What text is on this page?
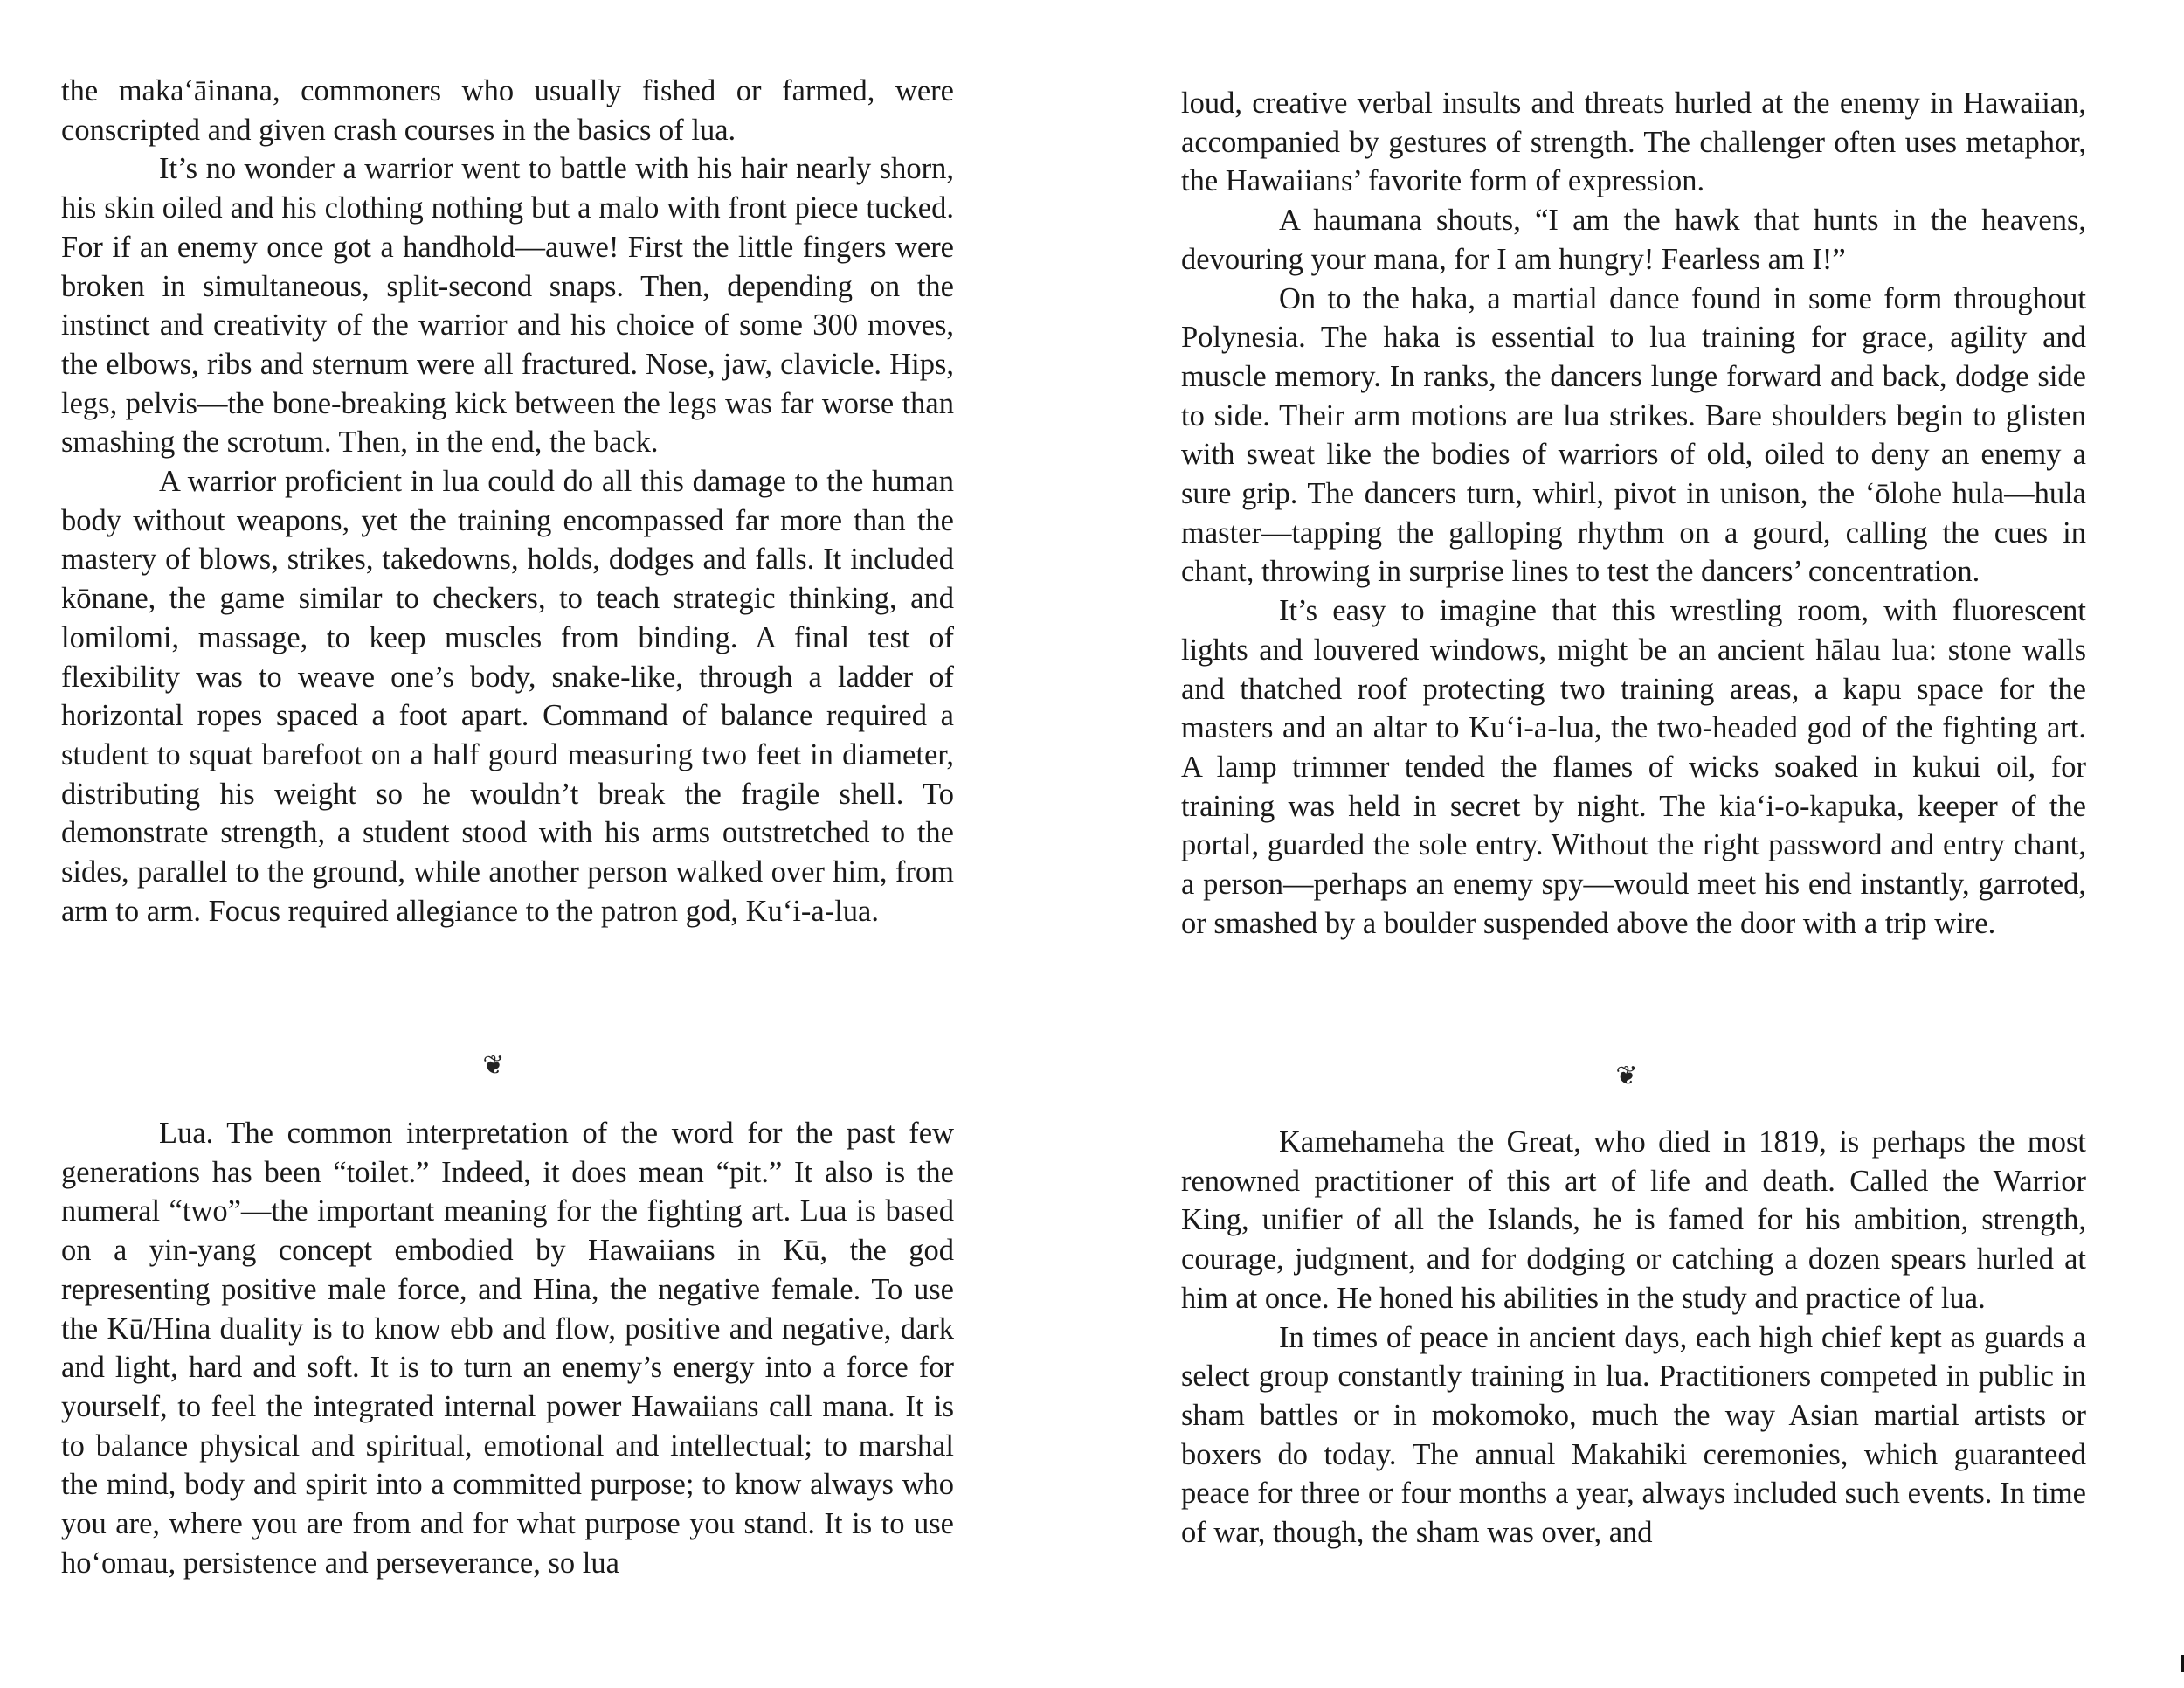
the maka‘āinana, commoners who usually fished or farmed, were conscripted and given crash courses in the basics of lua.

It’s no wonder a warrior went to battle with his hair nearly shorn, his skin oiled and his clothing nothing but a malo with front piece tucked. For if an enemy once got a handhold—auwe! First the little fingers were broken in simultaneous, split-second snaps. Then, depending on the instinct and creativity of the warrior and his choice of some 300 moves, the elbows, ribs and sternum were all fractured. Nose, jaw, clavicle. Hips, legs, pelvis—the bone-breaking kick between the legs was far worse than smashing the scrotum. Then, in the end, the back.

A warrior proficient in lua could do all this damage to the human body without weapons, yet the training encompassed far more than the mastery of blows, strikes, takedowns, holds, dodges and falls. It included kōnane, the game similar to checkers, to teach strategic thinking, and lomilomi, massage, to keep muscles from binding. A final test of flexibility was to weave one’s body, snake-like, through a ladder of horizontal ropes spaced a foot apart. Command of balance required a student to squat barefoot on a half gourd measuring two feet in diameter, distributing his weight so he wouldn’t break the fragile shell. To demonstrate strength, a student stood with his arms outstretched to the sides, parallel to the ground, while another person walked over him, from arm to arm. Focus required allegiance to the patron god, Ku‘i-a-lua.

❦

Lua. The common interpretation of the word for the past few generations has been “toilet.” Indeed, it does mean “pit.” It also is the numeral “two”—the important meaning for the fighting art. Lua is based on a yin-yang concept embodied by Hawaiians in Kū, the god representing positive male force, and Hina, the negative female. To use the Kū/Hina duality is to know ebb and flow, positive and negative, dark and light, hard and soft. It is to turn an enemy’s energy into a force for yourself, to feel the integrated internal power Hawaiians call mana. It is to balance physical and spiritual, emotional and intellectual; to marshal the mind, body and spirit into a committed purpose; to know always who you are, where you are from and for what purpose you stand. It is to use ho‘omau, persistence and perseverance, so lua

loud, creative verbal insults and threats hurled at the enemy in Hawaiian, accompanied by gestures of strength. The challenger often uses metaphor, the Hawaiians’ favorite form of expression.

A haumana shouts, “I am the hawk that hunts in the heavens, devouring your mana, for I am hungry! Fearless am I!”

On to the haka, a martial dance found in some form throughout Polynesia. The haka is essential to lua training for grace, agility and muscle memory. In ranks, the dancers lunge forward and back, dodge side to side. Their arm motions are lua strikes. Bare shoulders begin to glisten with sweat like the bodies of warriors of old, oiled to deny an enemy a sure grip. The dancers turn, whirl, pivot in unison, the ‘ōlohe hula—hula master—tapping the galloping rhythm on a gourd, calling the cues in chant, throwing in surprise lines to test the dancers’ concentration.

It’s easy to imagine that this wrestling room, with fluorescent lights and louvered windows, might be an ancient hālau lua: stone walls and thatched roof protecting two training areas, a kapu space for the masters and an altar to Ku‘i-a-lua, the two-headed god of the fighting art. A lamp trimmer tended the flames of wicks soaked in kukui oil, for training was held in secret by night. The kia‘i-o-kapuka, keeper of the portal, guarded the sole entry. Without the right password and entry chant, a person—perhaps an enemy spy—would meet his end instantly, garroted, or smashed by a boulder suspended above the door with a trip wire.

❦

Kamehameha the Great, who died in 1819, is perhaps the most renowned practitioner of this art of life and death. Called the Warrior King, unifier of all the Islands, he is famed for his ambition, strength, courage, judgment, and for dodging or catching a dozen spears hurled at him at once. He honed his abilities in the study and practice of lua.

In times of peace in ancient days, each high chief kept as guards a select group constantly training in lua. Practitioners competed in public in sham battles or in mokomoko, much the way Asian martial artists or boxers do today. The annual Makahiki ceremonies, which guaranteed peace for three or four months a year, always included such events. In time of war, though, the sham was over, and
